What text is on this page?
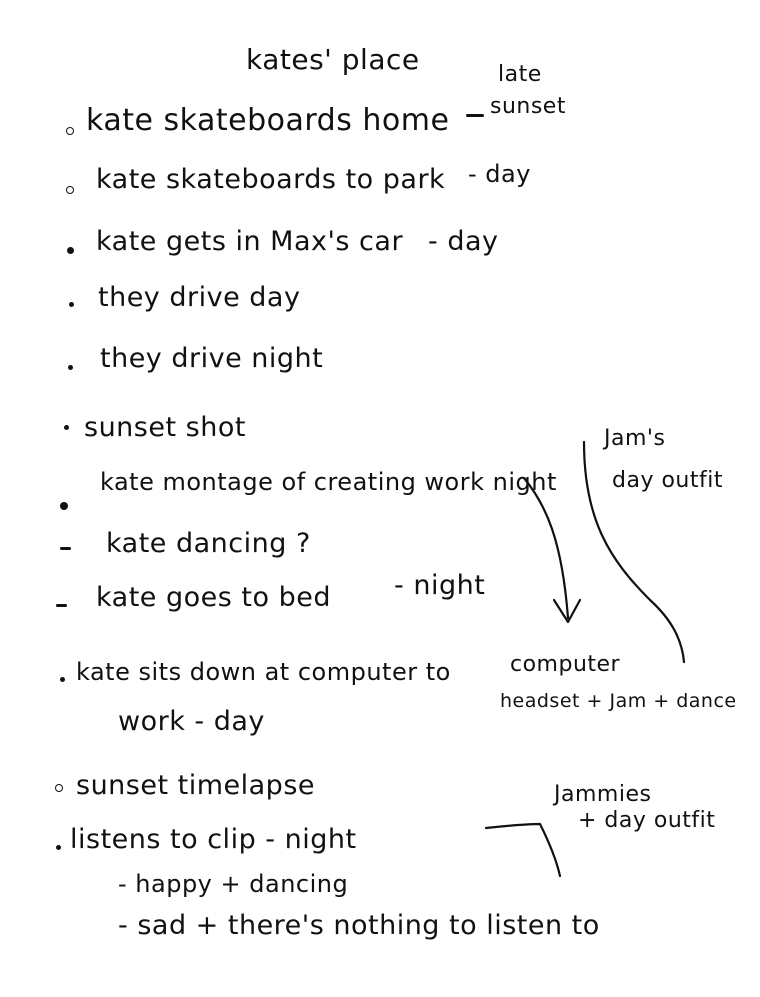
kates' place	late
sunset
kate skateboards home
kate skateboards to park - day
kate gets in Max's car - day
they drive day
they drive night
sunset shot	Jam's
day outfit
kate montage of creating work night
kate dancing ?
kate goes to bed - night
computer
headset + Jam + dance
kate sits down at computer to
work - day
sunset timelapse	Jammies
+ day outfit
listens to clip - night
- happy + dancing
- sad + there's nothing to listen to
